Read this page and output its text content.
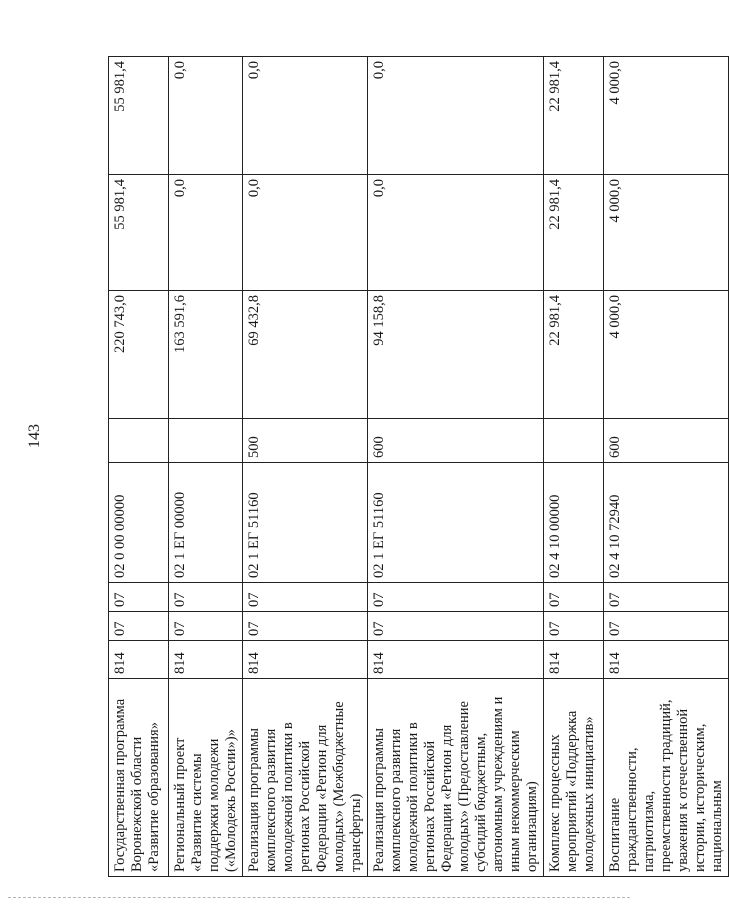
143
Государственная программа Воронежской области «Развитие образования»	814	07	07	02 0 00 00000		220 743,0	55 981,4	55 981,4
Региональный проект «Развитие системы поддержки молодежи («Молодежь России»)»	814	07	07	02 1 ЕГ 00000		163 591,6	0,0	0,0
Реализация программы комплексного развития молодежной политики в регионах Российской Федерации «Регион для молодых» (Межбюджетные трансферты)	814	07	07	02 1 ЕГ 51160	500	69 432,8	0,0	0,0
Реализация программы комплексного развития молодежной политики в регионах Российской Федерации «Регион для молодых» (Предоставление субсидий бюджетным, автономным учреждениям и иным некоммерческим организациям)	814	07	07	02 1 ЕГ 51160	600	94 158,8	0,0	0,0
Комплекс процессных мероприятий «Поддержка молодежных инициатив»	814	07	07	02 4 10 00000		22 981,4	22 981,4	22 981,4
Воспитание гражданственности, патриотизма, преемственности традиций, уважения к отечественной истории, историческим, национальным	814	07	07	02 4 10 72940	600	4 000,0	4 000,0	4 000,0
